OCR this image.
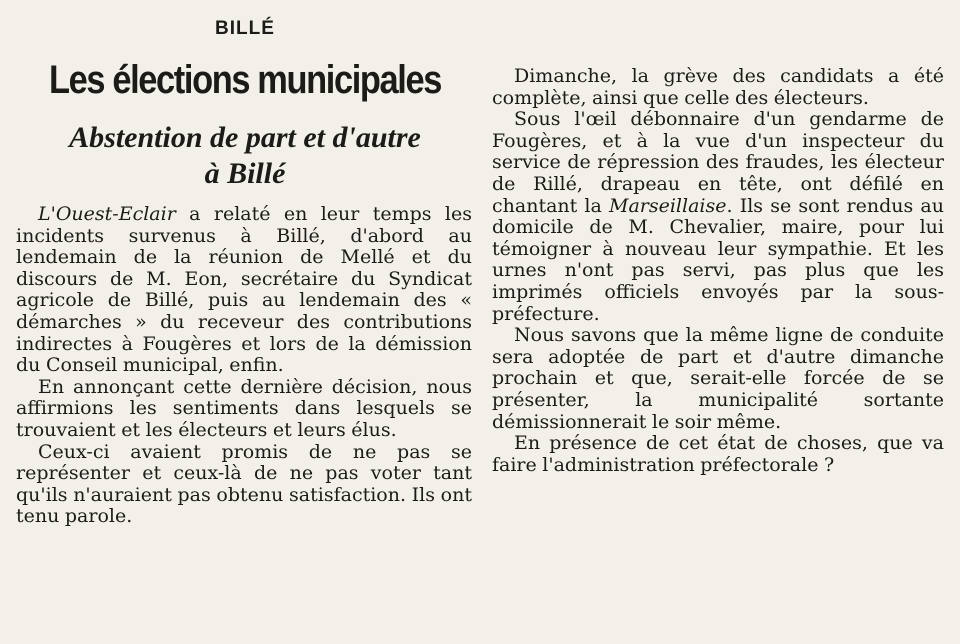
BILLÉ
Les élections municipales
Abstention de part et d'autre
à Billé

L'Ouest-Eclair a relaté en leur temps les incidents survenus à Billé, d'abord au lendemain de la réunion de Mellé et du discours de M. Eon, secrétaire du Syndicat agricole de Billé, puis au lendemain des « démarches » du receveur des contributions indirectes à Fougères et lors de la démission du Conseil municipal, enfin.

En annonçant cette dernière décision, nous affirmions les sentiments dans lesquels se trouvaient et les électeurs et leurs élus.

Ceux-ci avaient promis de ne pas se représenter et ceux-là de ne pas voter tant qu'ils n'auraient pas obtenu satisfaction. Ils ont tenu parole.

Dimanche, la grève des candidats a été complète, ainsi que celle des électeurs.

Sous l'œil débonnaire d'un gendarme de Fougères, et à la vue d'un inspecteur du service de répression des fraudes, les électeur de Rillé, drapeau en tête, ont défilé en chantant la Marseillaise. Ils se sont rendus au domicile de M. Chevalier, maire, pour lui témoigner à nouveau leur sympathie. Et les urnes n'ont pas servi, pas plus que les imprimés officiels envoyés par la sous-préfecture.

Nous savons que la même ligne de conduite sera adoptée de part et d'autre dimanche prochain et que, serait-elle forcée de se présenter, la municipalité sortante démissionnerait le soir même.

En présence de cet état de choses, que va faire l'administration préfectorale ?
